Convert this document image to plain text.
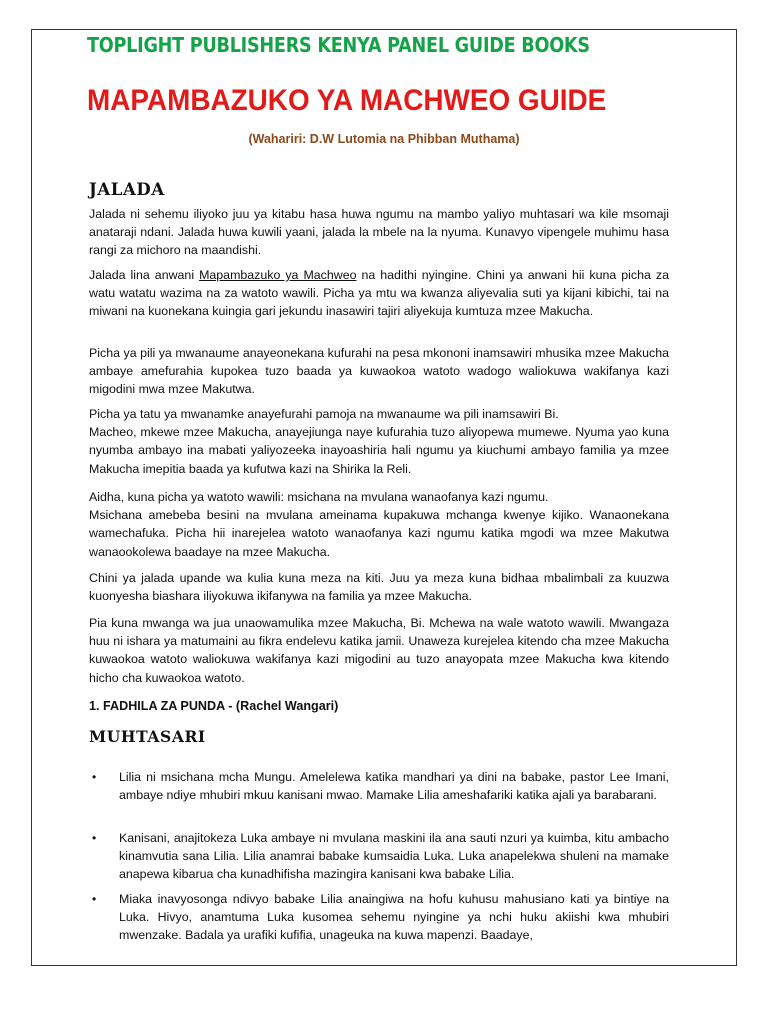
TOPLIGHT PUBLISHERS KENYA PANEL GUIDE BOOKS
MAPAMBAZUKO YA MACHWEO GUIDE
(Wahariri: D.W Lutomia na Phibban Muthama)
JALADA
Jalada ni sehemu iliyoko juu ya kitabu hasa huwa ngumu na mambo yaliyo muhtasari wa kile msomaji anataraji ndani. Jalada huwa kuwili yaani, jalada la mbele na la nyuma. Kunavyo vipengele muhimu hasa rangi za michoro na maandishi.
Jalada lina anwani Mapambazuko ya Machweo na hadithi nyingine. Chini ya anwani hii kuna picha za watu watatu wazima na za watoto wawili. Picha ya mtu wa kwanza aliyevalia suti ya kijani kibichi, tai na miwani na kuonekana kuingia gari jekundu inasawiri tajiri aliyekuja kumtuza mzee Makucha.
Picha ya pili ya mwanaume anayeonekana kufurahi na pesa mkononi inamsawiri mhusika mzee Makucha ambaye amefurahia kupokea tuzo baada ya kuwaokoa watoto wadogo waliokuwa wakifanya kazi migodini mwa mzee Makutwa.
Picha ya tatu ya mwanamke anayefurahi pamoja na mwanaume wa pili inamsawiri Bi.
Macheo, mkewe mzee Makucha, anayejiunga naye kufurahia tuzo aliyopewa mumewe. Nyuma yao kuna nyumba ambayo ina mabati yaliyozeeka inayoashiria hali ngumu ya kiuchumi ambayo familia ya mzee Makucha imepitia baada ya kufutwa kazi na Shirika la Reli.
Aidha, kuna picha ya watoto wawili: msichana na mvulana wanaofanya kazi ngumu.
Msichana amebeba besini na mvulana ameinama kupakuwa mchanga kwenye kijiko. Wanaonekana wamechafuka. Picha hii inarejelea watoto wanaofanya kazi ngumu katika mgodi wa mzee Makutwa wanaookolewa baadaye na mzee Makucha.
Chini ya jalada upande wa kulia kuna meza na kiti. Juu ya meza kuna bidhaa mbalimbali za kuuzwa kuonyesha biashara iliyokuwa ikifanywa na familia ya mzee Makucha.
Pia kuna mwanga wa jua unaowamulika mzee Makucha, Bi. Mchewa na wale watoto wawili. Mwangaza huu ni ishara ya matumaini au fikra endelevu katika jamii. Unaweza kurejelea kitendo cha mzee Makucha kuwaokoa watoto waliokuwa wakifanya kazi migodini au tuzo anayopata mzee Makucha kwa kitendo hicho cha kuwaokoa watoto.
1. FADHILA ZA PUNDA - (Rachel Wangari)
MUHTASARI
• Lilia ni msichana mcha Mungu. Amelelewa katika mandhari ya dini na babake, pastor Lee Imani, ambaye ndiye mhubiri mkuu kanisani mwao. Mamake Lilia ameshafariki katika ajali ya barabarani.
• Kanisani, anajitokeza Luka ambaye ni mvulana maskini ila ana sauti nzuri ya kuimba, kitu ambacho kinamvutia sana Lilia. Lilia anamrai babake kumsaidia Luka. Luka anapelekwa shuleni na mamake anapewa kibarua cha kunadhifisha mazingira kanisani kwa babake Lilia.
• Miaka inavyosonga ndivyo babake Lilia anaingiwa na hofu kuhusu mahusiano kati ya bintiye na Luka. Hivyo, anamtuma Luka kusomea sehemu nyingine ya nchi huku akiishi kwa mhubiri mwenzake. Badala ya urafiki kufifia, unageuka na kuwa mapenzi. Baadaye,
